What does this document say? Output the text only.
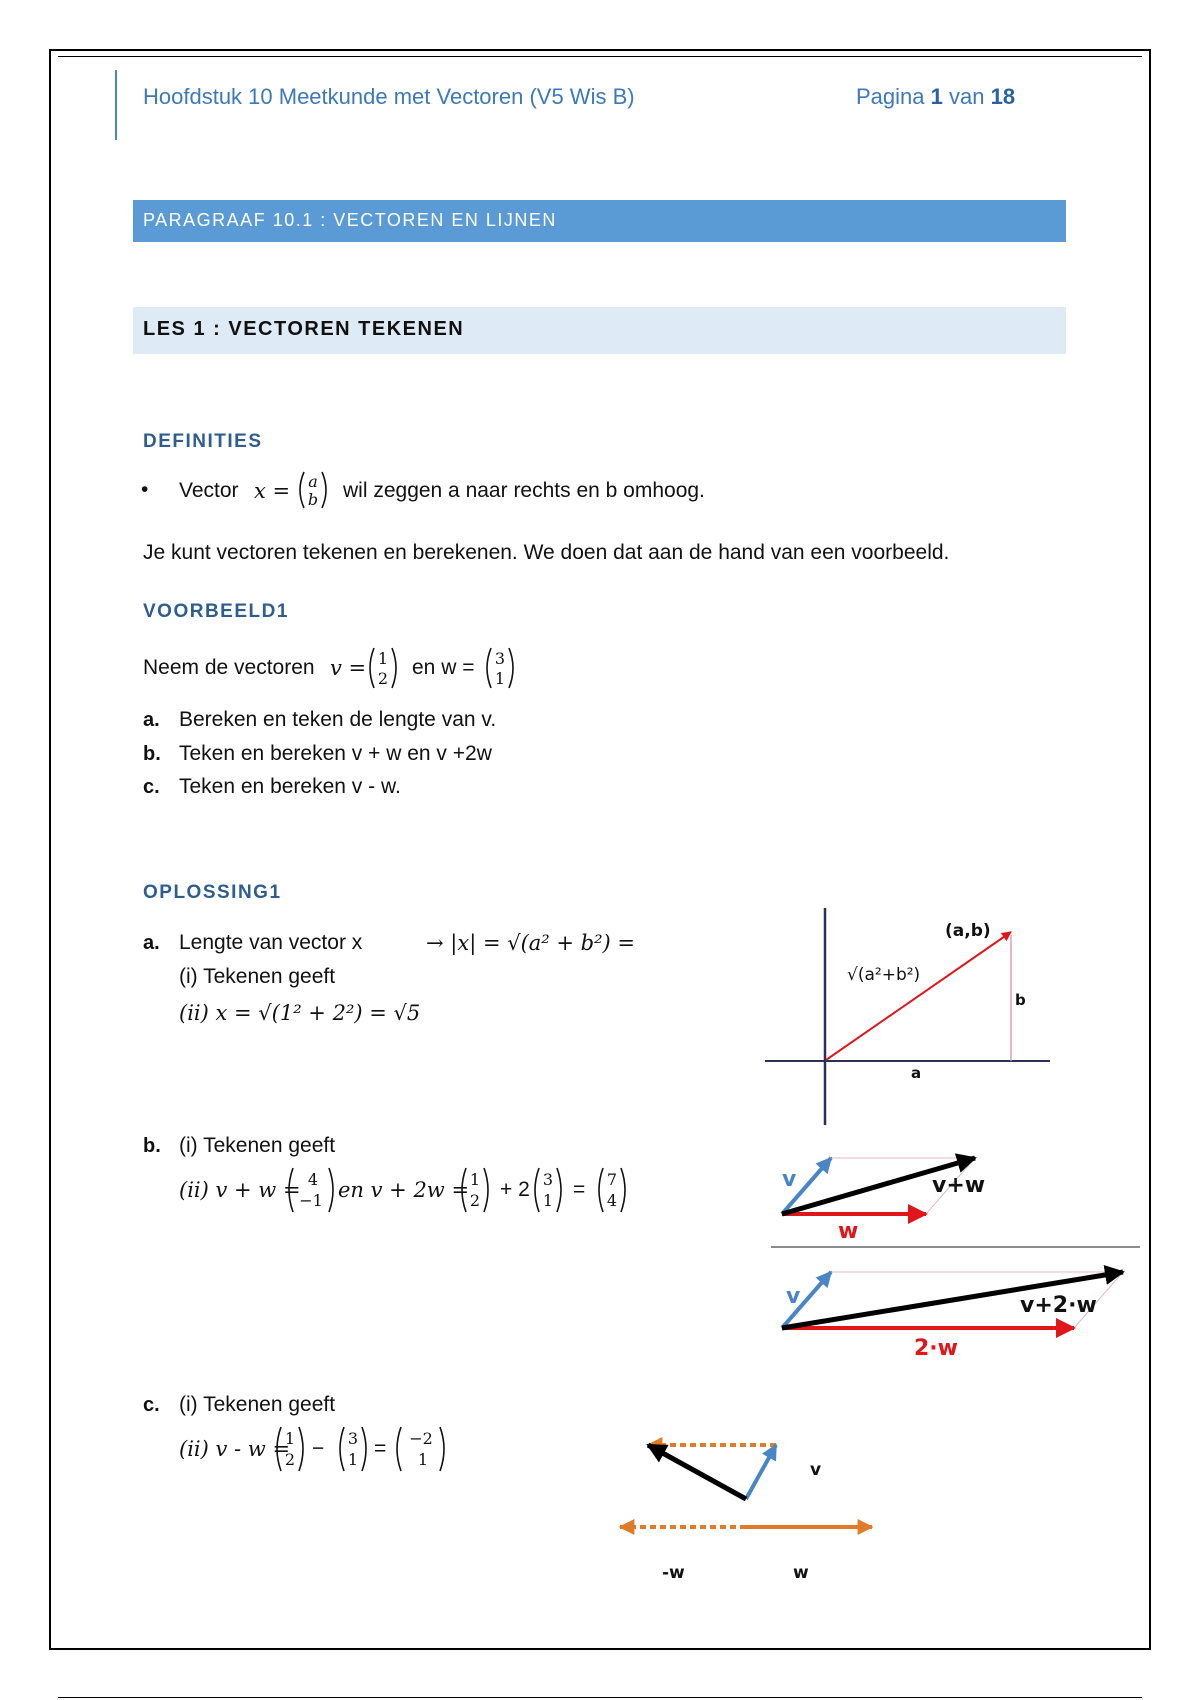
Hoofdstuk 10 Meetkunde met Vectoren (V5 Wis B)	Pagina 1 van 18
PARAGRAAF 10.1 : VECTOREN EN LIJNEN
LES 1 : VECTOREN TEKENEN
DEFINITIES
• Vector x =	wil zeggen a naar rechts en b omhoog.
Je kunt vectoren tekenen en berekenen. We doen dat aan de hand van een voorbeeld.
VOORBEELD1
Neem de vectoren v = en w =
a. Bereken en teken de lengte van v.
b. Teken en bereken v + w en v +2w
c. Teken en bereken v - w.
OPLOSSING1
a. Lengte van vector x	→ |x| = √(a² + b²) =
(i) Tekenen geeft
(ii) x = √(1² + 2²) = √5
b. (i) Tekenen geeft
(ii) v + w = en v + 2w = + 2 =
c. (i) Tekenen geeft
(ii) v - w = − =
a
b
1
2
3
1
4
−1
1
2
3
1
7
4
1
2
3
1
−2
1
(a,b)
√(a²+b²)
b
a
v	v+w
w
v	v+2·w
2·w
v
-w	w
